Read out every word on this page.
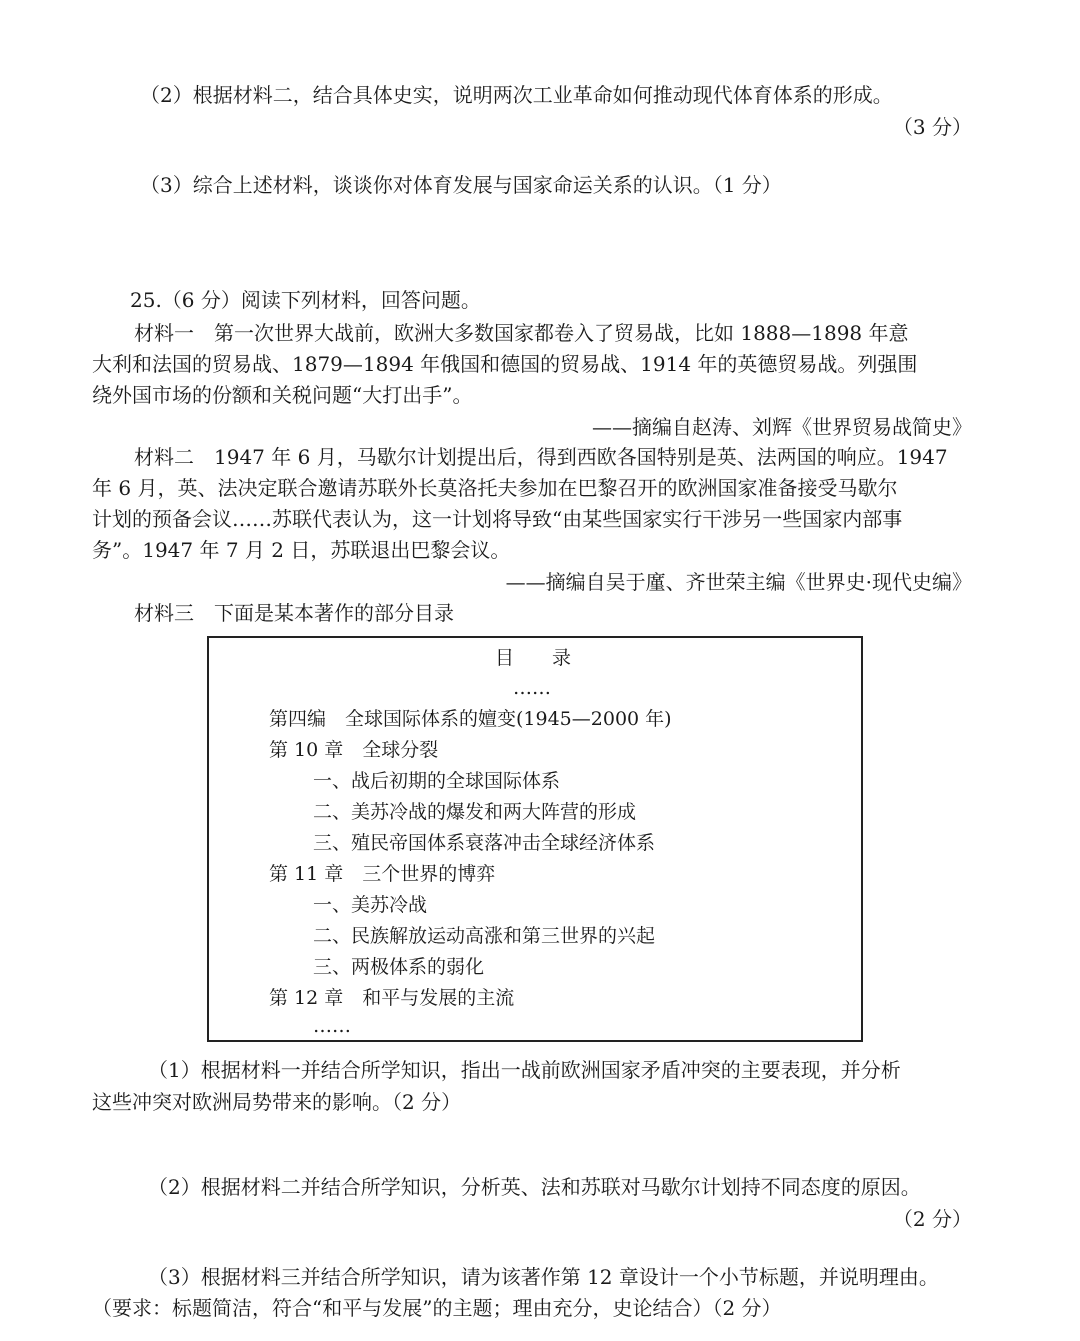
（2）根据材料二，结合具体史实，说明两次工业革命如何推动现代体育体系的形成。
（3 分）
（3）综合上述材料，谈谈你对体育发展与国家命运关系的认识。（1 分）
25.（6 分）阅读下列材料，回答问题。
材料一　第一次世界大战前，欧洲大多数国家都卷入了贸易战，比如 1888—1898 年意
大利和法国的贸易战、1879—1894 年俄国和德国的贸易战、1914 年的英德贸易战。列强围
绕外国市场的份额和关税问题“大打出手”。
——摘编自赵涛、刘辉《世界贸易战简史》
材料二　1947 年 6 月，马歇尔计划提出后，得到西欧各国特别是英、法两国的响应。1947
年 6 月，英、法决定联合邀请苏联外长莫洛托夫参加在巴黎召开的欧洲国家准备接受马歇尔
计划的预备会议……苏联代表认为，这一计划将导致“由某些国家实行干涉另一些国家内部事
务”。1947 年 7 月 2 日，苏联退出巴黎会议。
——摘编自吴于廑、齐世荣主编《世界史·现代史编》
材料三　下面是某本著作的部分目录
目　　录
……
第四编　全球国际体系的嬗变(1945—2000 年)
第 10 章　全球分裂
一、战后初期的全球国际体系
二、美苏冷战的爆发和两大阵营的形成
三、殖民帝国体系衰落冲击全球经济体系
第 11 章　三个世界的博弈
一、美苏冷战
二、民族解放运动高涨和第三世界的兴起
三、两极体系的弱化
第 12 章　和平与发展的主流
……
（1）根据材料一并结合所学知识，指出一战前欧洲国家矛盾冲突的主要表现，并分析
这些冲突对欧洲局势带来的影响。（2 分）
（2）根据材料二并结合所学知识，分析英、法和苏联对马歇尔计划持不同态度的原因。
（2 分）
（3）根据材料三并结合所学知识，请为该著作第 12 章设计一个小节标题，并说明理由。
（要求：标题简洁，符合“和平与发展”的主题；理由充分，史论结合）（2 分）
